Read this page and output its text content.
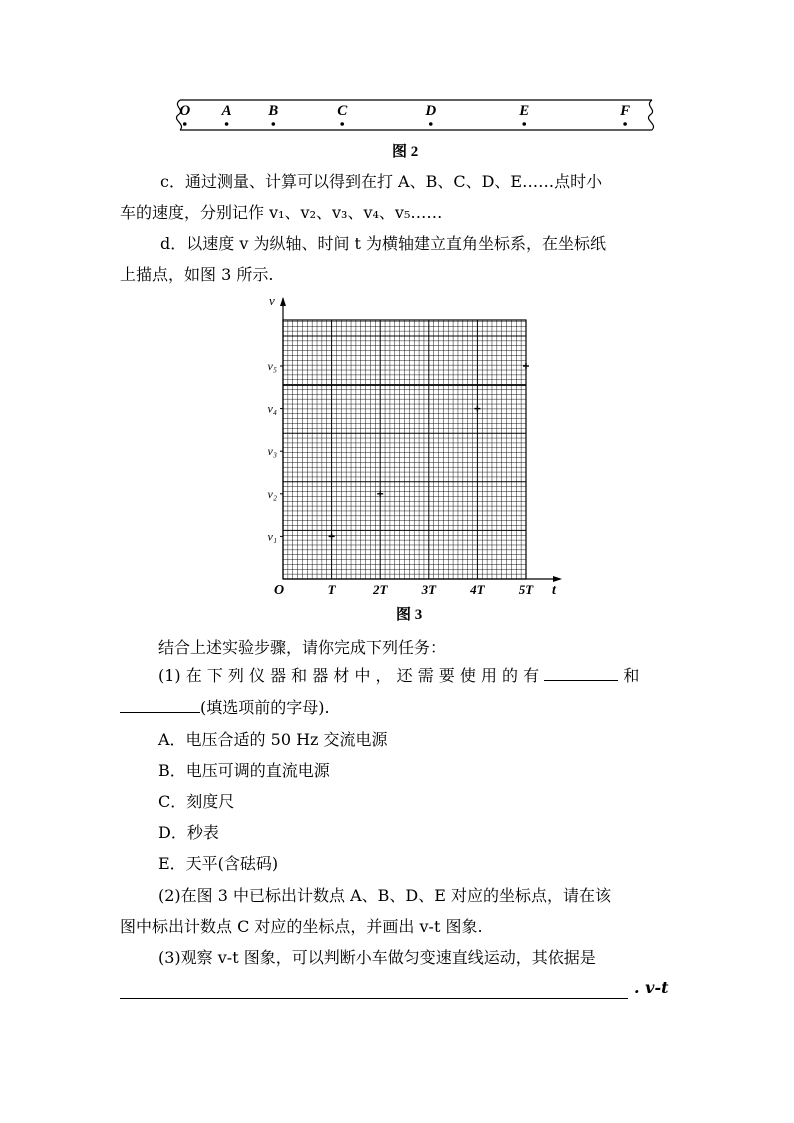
O A B	C	D	E	F
图 2
c．通过测量、计算可以得到在打 A、B、C、D、E……点时小
车的速度，分别记作 v₁、v₂、v₃、v₄、v₅……
d．以速度 v 为纵轴、时间 t 为横轴建立直角坐标系，在坐标纸
上描点，如图 3 所示.
v
t
O	T	2T	3T	4T	5T
v₁
v₂
v₃
v₄
v₅
图 3
结合上述实验步骤，请你完成下列任务：
(1) 在 下 列 仪 器 和 器 材 中 ， 还 需 要 使 用 的 有	和
(填选项前的字母).
A．电压合适的 50 Hz 交流电源
B．电压可调的直流电源
C．刻度尺
D．秒表
E．天平(含砝码)
(2)在图 3 中已标出计数点 A、B、D、E 对应的坐标点，请在该
图中标出计数点 C 对应的坐标点，并画出 v-t 图象.
(3)观察 v-t 图象，可以判断小车做匀变速直线运动，其依据是
. v-t
